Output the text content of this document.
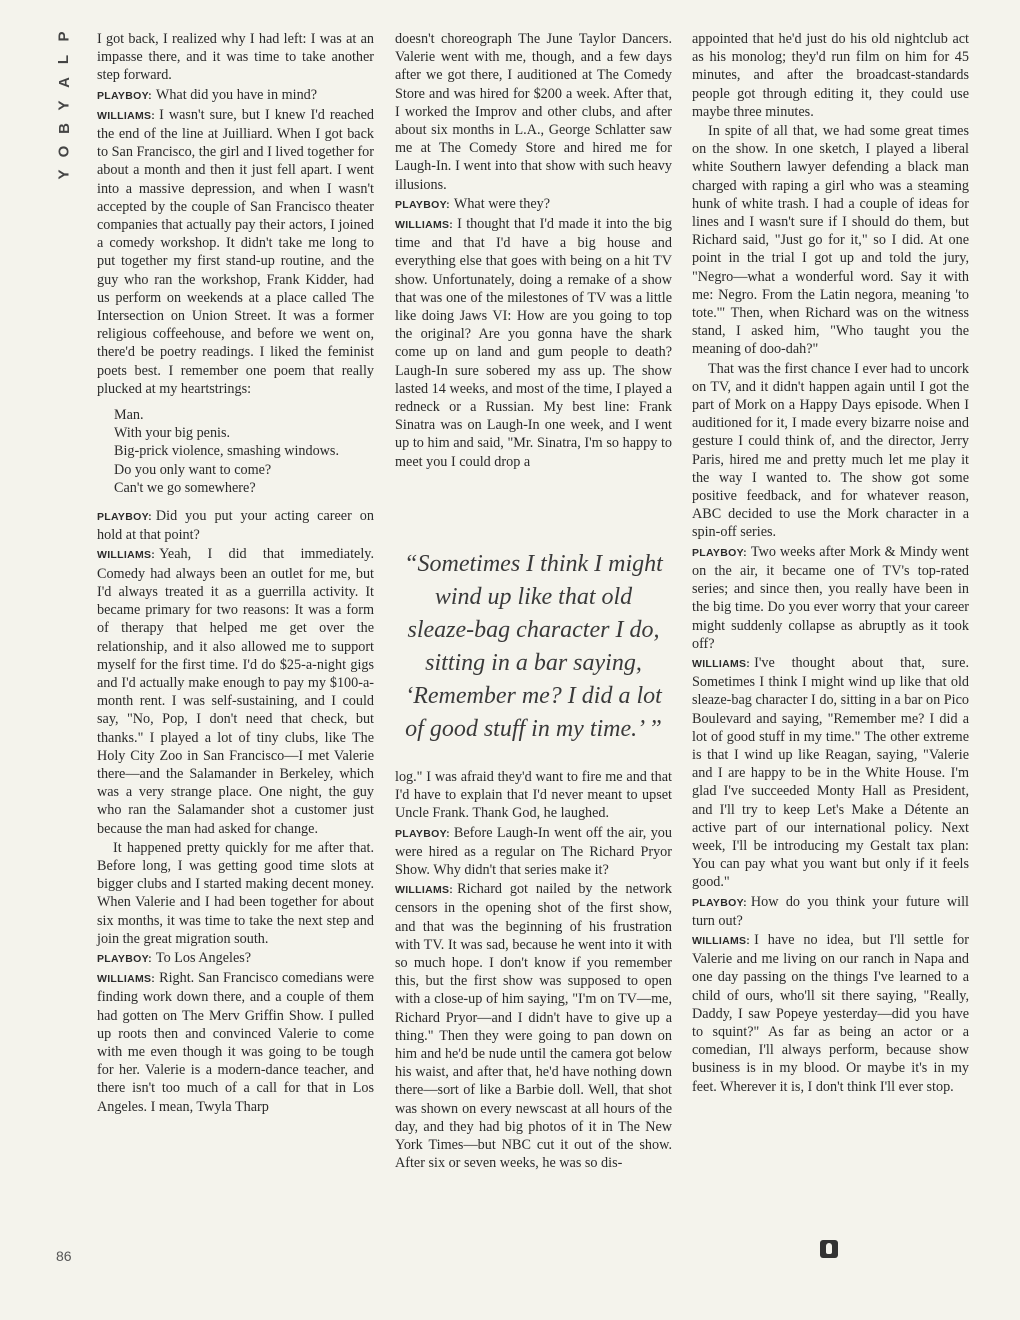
P
L
A
Y
B
O
Y
86

I got back, I realized why I had left: I was at an impasse there, and it was time to take another step forward.

PLAYBOY: What did you have in mind?

WILLIAMS: I wasn't sure, but I knew I'd reached the end of the line at Juilliard. When I got back to San Francisco, the girl and I lived together for about a month and then it just fell apart. I went into a massive depression, and when I wasn't accepted by the couple of San Francisco theater companies that actually pay their actors, I joined a comedy workshop. It didn't take me long to put together my first stand-up routine, and the guy who ran the workshop, Frank Kidder, had us perform on weekends at a place called The Intersection on Union Street. It was a former religious coffeehouse, and before we went on, there'd be poetry readings. I liked the feminist poets best. I remember one poem that really plucked at my heartstrings:

Man.
With your big penis.
Big-prick violence, smashing windows.
Do you only want to come?
Can't we go somewhere?

PLAYBOY: Did you put your acting career on hold at that point?

WILLIAMS: Yeah, I did that immediately. Comedy had always been an outlet for me, but I'd always treated it as a guerrilla activity. It became primary for two reasons: It was a form of therapy that helped me get over the relationship, and it also allowed me to support myself for the first time. I'd do $25-a-night gigs and I'd actually make enough to pay my $100-a-month rent. I was self-sustaining, and I could say, "No, Pop, I don't need that check, but thanks." I played a lot of tiny clubs, like The Holy City Zoo in San Francisco—I met Valerie there—and the Salamander in Berkeley, which was a very strange place. One night, the guy who ran the Salamander shot a customer just because the man had asked for change.

It happened pretty quickly for me after that. Before long, I was getting good time slots at bigger clubs and I started making decent money. When Valerie and I had been together for about six months, it was time to take the next step and join the great migration south.

PLAYBOY: To Los Angeles?

WILLIAMS: Right. San Francisco comedians were finding work down there, and a couple of them had gotten on The Merv Griffin Show. I pulled up roots then and convinced Valerie to come with me even though it was going to be tough for her. Valerie is a modern-dance teacher, and there isn't too much of a call for that in Los Angeles. I mean, Twyla Tharp

doesn't choreograph The June Taylor Dancers. Valerie went with me, though, and a few days after we got there, I auditioned at The Comedy Store and was hired for $200 a week. After that, I worked the Improv and other clubs, and after about six months in L.A., George Schlatter saw me at The Comedy Store and hired me for Laugh-In. I went into that show with such heavy illusions.

PLAYBOY: What were they?

WILLIAMS: I thought that I'd made it into the big time and that I'd have a big house and everything else that goes with being on a hit TV show. Unfortunately, doing a remake of a show that was one of the milestones of TV was a little like doing Jaws VI: How are you going to top the original? Are you gonna have the shark come up on land and gum people to death? Laugh-In sure sobered my ass up. The show lasted 14 weeks, and most of the time, I played a redneck or a Russian. My best line: Frank Sinatra was on Laugh-In one week, and I went up to him and said, "Mr. Sinatra, I'm so happy to meet you I could drop a

“Sometimes I think I might
wind up like that old
sleaze-bag character I do,
sitting in a bar saying,
‘Remember me? I did a lot
of good stuff in my time.’ ”

log." I was afraid they'd want to fire me and that I'd have to explain that I'd never meant to upset Uncle Frank. Thank God, he laughed.

PLAYBOY: Before Laugh-In went off the air, you were hired as a regular on The Richard Pryor Show. Why didn't that series make it?

WILLIAMS: Richard got nailed by the network censors in the opening shot of the first show, and that was the beginning of his frustration with TV. It was sad, because he went into it with so much hope. I don't know if you remember this, but the first show was supposed to open with a close-up of him saying, "I'm on TV—me, Richard Pryor—and I didn't have to give up a thing." Then they were going to pan down on him and he'd be nude until the camera got below his waist, and after that, he'd have nothing down there—sort of like a Barbie doll. Well, that shot was shown on every newscast at all hours of the day, and they had big photos of it in The New York Times—but NBC cut it out of the show. After six or seven weeks, he was so dis-

appointed that he'd just do his old nightclub act as his monolog; they'd run film on him for 45 minutes, and after the broadcast-standards people got through editing it, they could use maybe three minutes.

In spite of all that, we had some great times on the show. In one sketch, I played a liberal white Southern lawyer defending a black man charged with raping a girl who was a steaming hunk of white trash. I had a couple of ideas for lines and I wasn't sure if I should do them, but Richard said, "Just go for it," so I did. At one point in the trial I got up and told the jury, "Negro—what a wonderful word. Say it with me: Negro. From the Latin negora, meaning 'to tote.'" Then, when Richard was on the witness stand, I asked him, "Who taught you the meaning of doo-dah?"

That was the first chance I ever had to uncork on TV, and it didn't happen again until I got the part of Mork on a Happy Days episode. When I auditioned for it, I made every bizarre noise and gesture I could think of, and the director, Jerry Paris, hired me and pretty much let me play it the way I wanted to. The show got some positive feedback, and for whatever reason, ABC decided to use the Mork character in a spin-off series.

PLAYBOY: Two weeks after Mork & Mindy went on the air, it became one of TV's top-rated series; and since then, you really have been in the big time. Do you ever worry that your career might suddenly collapse as abruptly as it took off?

WILLIAMS: I've thought about that, sure. Sometimes I think I might wind up like that old sleaze-bag character I do, sitting in a bar on Pico Boulevard and saying, "Remember me? I did a lot of good stuff in my time." The other extreme is that I wind up like Reagan, saying, "Valerie and I are happy to be in the White House. I'm glad I've succeeded Monty Hall as President, and I'll try to keep Let's Make a Détente an active part of our international policy. Next week, I'll be introducing my Gestalt tax plan: You can pay what you want but only if it feels good."

PLAYBOY: How do you think your future will turn out?

WILLIAMS: I have no idea, but I'll settle for Valerie and me living on our ranch in Napa and one day passing on the things I've learned to a child of ours, who'll sit there saying, "Really, Daddy, I saw Popeye yesterday—did you have to squint?" As far as being an actor or a comedian, I'll always perform, because show business is in my blood. Or maybe it's in my feet. Wherever it is, I don't think I'll ever stop.
